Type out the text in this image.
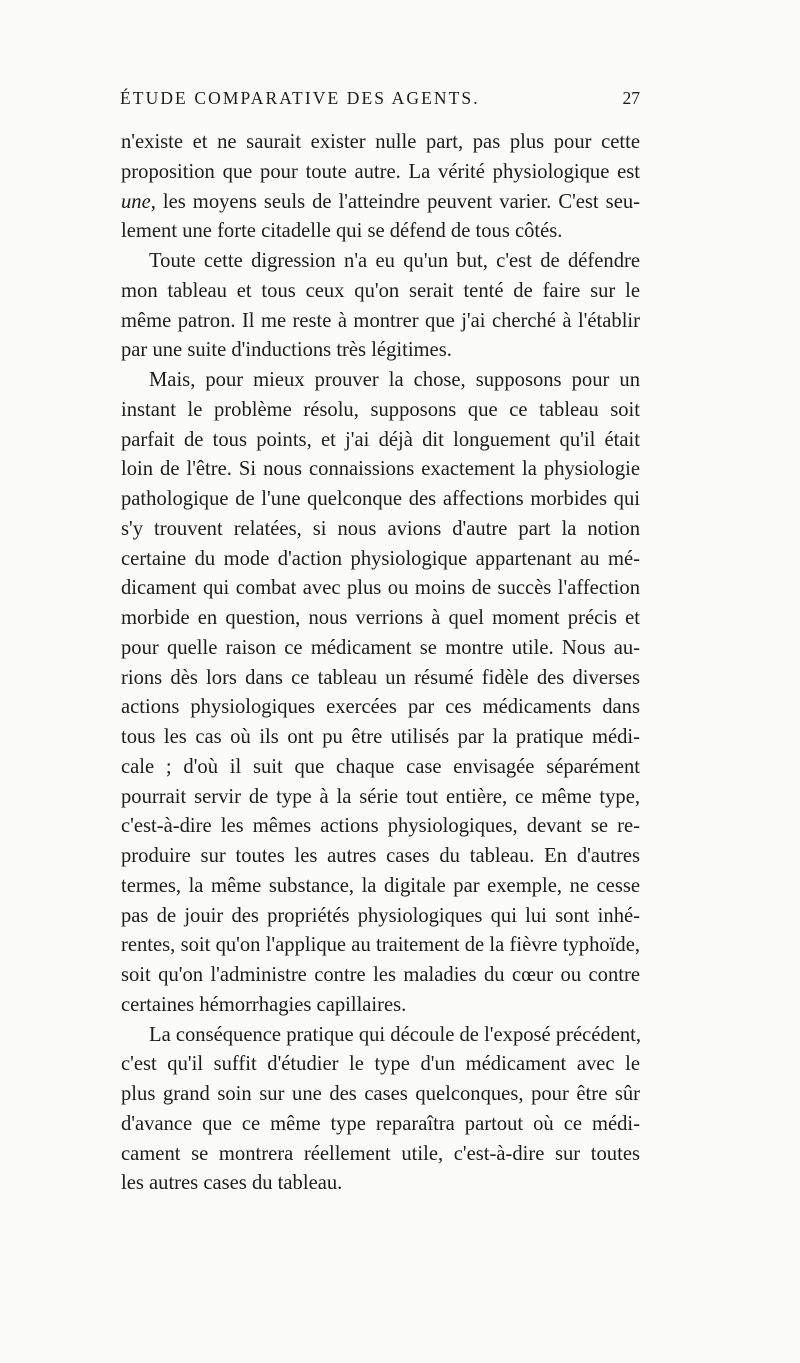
ÉTUDE COMPARATIVE DES AGENTS.	27
n'existe et ne saurait exister nulle part, pas plus pour cette
proposition que pour toute autre. La vérité physiologique est
une, les moyens seuls de l'atteindre peuvent varier. C'est seu-
lement une forte citadelle qui se défend de tous côtés.
Toute cette digression n'a eu qu'un but, c'est de défendre
mon tableau et tous ceux qu'on serait tenté de faire sur le
même patron. Il me reste à montrer que j'ai cherché à l'établir
par une suite d'inductions très légitimes.
Mais, pour mieux prouver la chose, supposons pour un
instant le problème résolu, supposons que ce tableau soit
parfait de tous points, et j'ai déjà dit longuement qu'il était
loin de l'être. Si nous connaissions exactement la physiologie
pathologique de l'une quelconque des affections morbides qui
s'y trouvent relatées, si nous avions d'autre part la notion
certaine du mode d'action physiologique appartenant au mé-
dicament qui combat avec plus ou moins de succès l'affection
morbide en question, nous verrions à quel moment précis et
pour quelle raison ce médicament se montre utile. Nous au-
rions dès lors dans ce tableau un résumé fidèle des diverses
actions physiologiques exercées par ces médicaments dans
tous les cas où ils ont pu être utilisés par la pratique médi-
cale ; d'où il suit que chaque case envisagée séparément
pourrait servir de type à la série tout entière, ce même type,
c'est-à-dire les mêmes actions physiologiques, devant se re-
produire sur toutes les autres cases du tableau. En d'autres
termes, la même substance, la digitale par exemple, ne cesse
pas de jouir des propriétés physiologiques qui lui sont inhé-
rentes, soit qu'on l'applique au traitement de la fièvre typhoïde,
soit qu'on l'administre contre les maladies du cœur ou contre
certaines hémorrhagies capillaires.
La conséquence pratique qui découle de l'exposé précédent,
c'est qu'il suffit d'étudier le type d'un médicament avec le
plus grand soin sur une des cases quelconques, pour être sûr
d'avance que ce même type reparaîtra partout où ce médi-
cament se montrera réellement utile, c'est-à-dire sur toutes
les autres cases du tableau.
